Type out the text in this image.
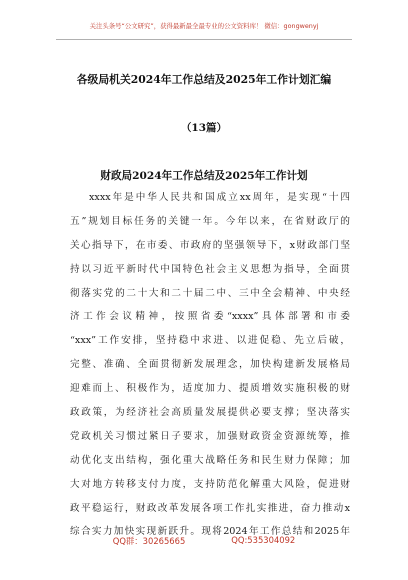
关注头条号“公文研究”，获得最新最全最专业的公文资料库！ 微信：gongwenyj
各级局机关2024年工作总结及2025年工作计划汇编
（13篇）
财政局2024年工作总结及2025年工作计划
xxxx年是中华人民共和国成立xx周年，是实现“十四
五”规划目标任务的关键一年。今年以来，在省财政厅的
关心指导下，在市委、市政府的坚强领导下，x财政部门坚
持以习近平新时代中国特色社会主义思想为指导，全面贯
彻落实党的二十大和二十届二中、三中全会精神、中央经
济工作会议精神，按照省委“xxxx”具体部署和市委
“xxx”工作安排，坚持稳中求进、以进促稳、先立后破，
完整、准确、全面贯彻新发展理念，加快构建新发展格局
迎难而上、积极作为，适度加力、提质增效实施积极的财
政政策，为经济社会高质量发展提供必要支撑；坚决落实
党政机关习惯过紧日子要求，加强财政资金资源统筹，推
动优化支出结构，强化重大战略任务和民生财力保障；加
大对地方转移支付力度，支持防范化解重大风险，促进财
政平稳运行，财政改革发展各项工作扎实推进，奋力推动x
综合实力加快实现新跃升。现将2024年工作总结和2025年
QQ群：30265665	QQ:535304092
